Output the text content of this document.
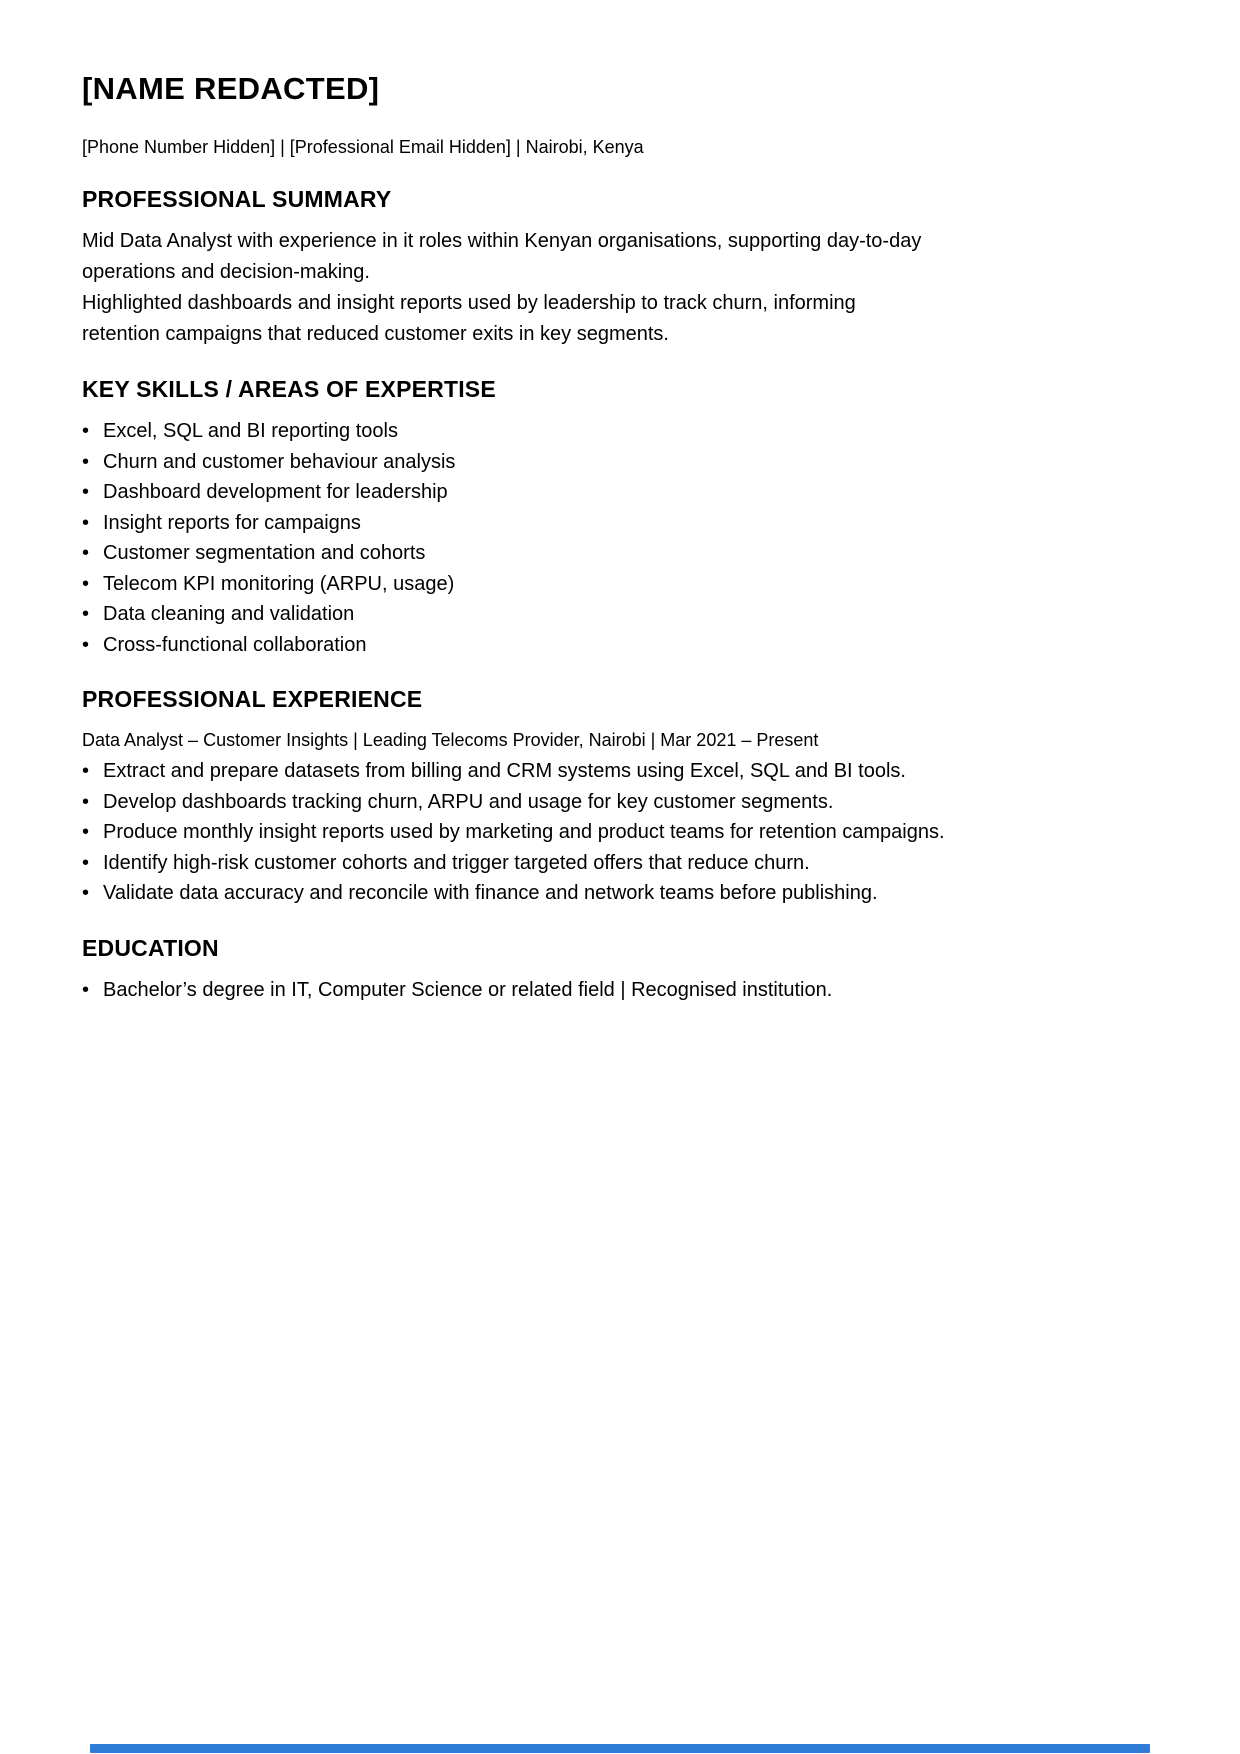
[NAME REDACTED]
[Phone Number Hidden] | [Professional Email Hidden] | Nairobi, Kenya
PROFESSIONAL SUMMARY
Mid Data Analyst with experience in it roles within Kenyan organisations, supporting day-to-day
operations and decision-making.
Highlighted dashboards and insight reports used by leadership to track churn, informing
retention campaigns that reduced customer exits in key segments.
KEY SKILLS / AREAS OF EXPERTISE
• Excel, SQL and BI reporting tools
• Churn and customer behaviour analysis
• Dashboard development for leadership
• Insight reports for campaigns
• Customer segmentation and cohorts
• Telecom KPI monitoring (ARPU, usage)
• Data cleaning and validation
• Cross-functional collaboration
PROFESSIONAL EXPERIENCE
Data Analyst – Customer Insights | Leading Telecoms Provider, Nairobi | Mar 2021 – Present
• Extract and prepare datasets from billing and CRM systems using Excel, SQL and BI tools.
• Develop dashboards tracking churn, ARPU and usage for key customer segments.
• Produce monthly insight reports used by marketing and product teams for retention campaigns.
• Identify high-risk customer cohorts and trigger targeted offers that reduce churn.
• Validate data accuracy and reconcile with finance and network teams before publishing.
EDUCATION
• Bachelor’s degree in IT, Computer Science or related field | Recognised institution.
